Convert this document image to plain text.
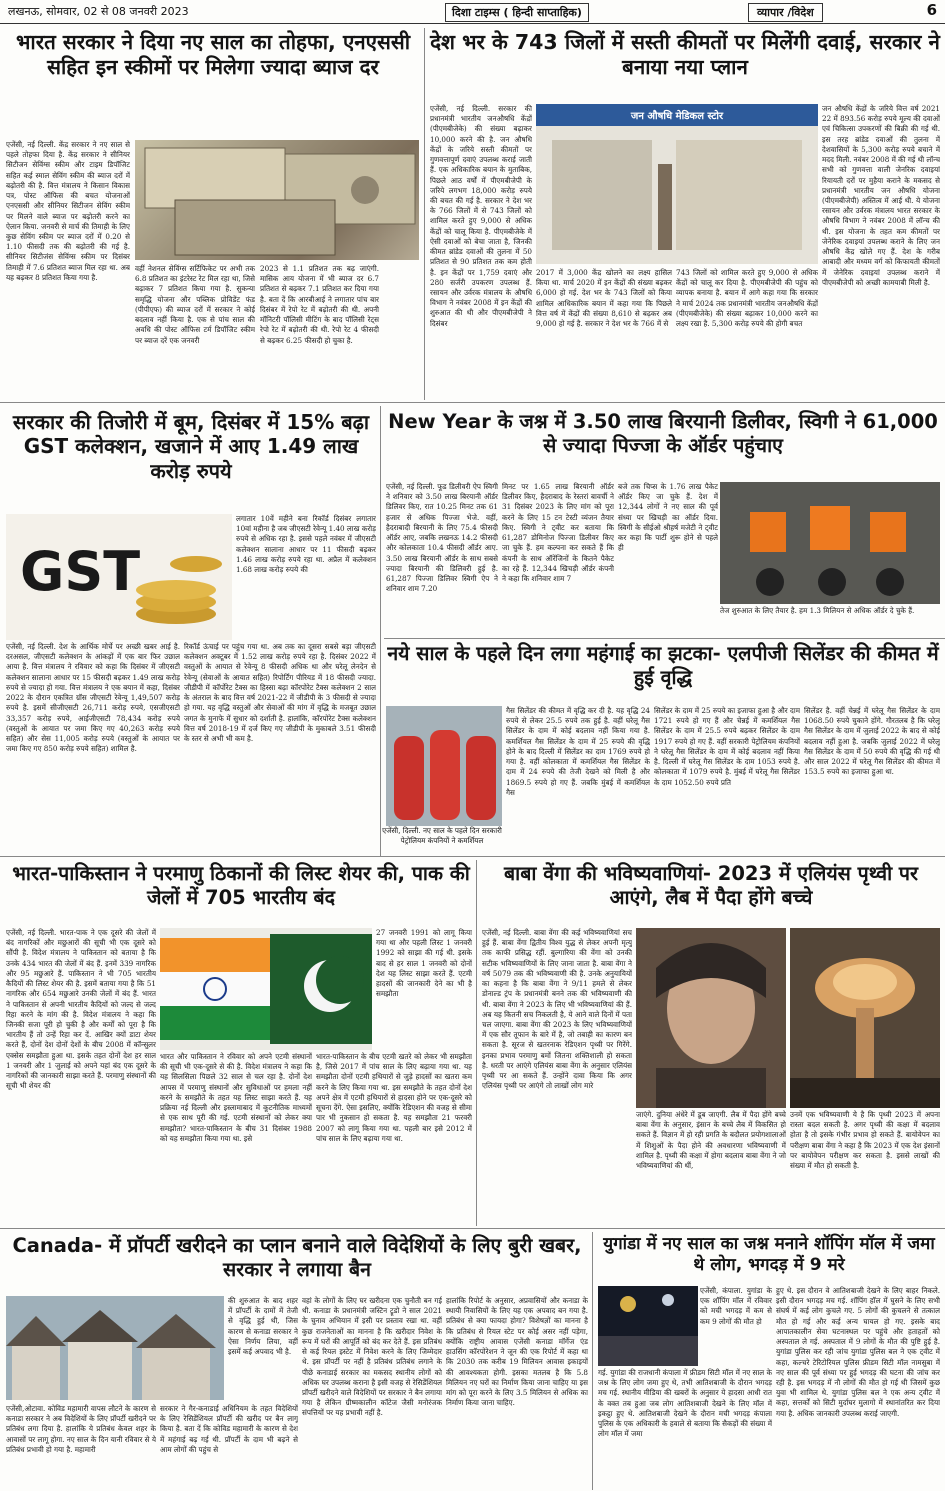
लखनऊ, सोमवार, 02 से 08 जनवरी 2023	दिशा टाइम्स ( हिन्दी साप्ताहिक)	व्यापार /विदेश	6
भारत सरकार ने दिया नए साल का तोहफा, एनएससी सहित इन स्कीमों पर मिलेगा ज्यादा ब्याज दर
एजेंसी, नई दिल्ली. केंद्र सरकार ने नए साल से पहले तोहफा दिया है. केंद्र सरकार ने सीनियर सिटीजन सेविंग्स स्कीम और टाइम डिपॉजिट सहित कई स्माल सेविंग स्कीम की ब्याज दरों में बढ़ोतरी की है. वित्त मंत्रालय ने किसान विकास पत्र, पोस्ट ऑफिस की बचत योजनाओं एनएससी और सीनियर सिटीजन सेविंग स्कीम पर मिलने वाले ब्याज पर बढ़ोतरी करने का ऐलान किया. जनवरी से मार्च की तिमाही के लिए कुछ सेविंग स्कीम पर ब्याज दरों में 0.20 से 1.10 फीसदी तक की बढ़ोतरी की गई है. सीनियर सिटीजंस सेविंग्स स्कीम पर दिसंबर तिमाही में 7.6 प्रतिशत ब्याज मिल रहा था. अब यह बढ़कर 8 प्रतिशत किया गया है.
वहीं नेशनल सेविंग्स सर्टिफिकेट पर अभी तक 6.8 प्रतिशत का इंटरेस्ट रेट मिल रहा था, जिसे बढ़ाकर 7 प्रतिशत किया गया है. सुकन्या समृद्धि योजना और पब्लिक प्रोविडेंट फंड (पीपीएफ) की ब्याज दरों में सरकार ने कोई बदलाव नहीं किया है. एक से पांच साल की अवधि की पोस्ट ऑफिस टर्म डिपॉजिट स्कीम पर ब्याज दरें एक जनवरी
2023 से 1.1 प्रतिशत तक बढ़ जाएंगी. मासिक आय योजना में भी ब्याज दर 6.7 प्रतिशत से बढ़कर 7.1 प्रतिशत कर दिया गया है. बता दें कि आरबीआई ने लगातार पांच बार दिसंबर में रेपो रेट में बढ़ोतरी की थी. अपनी मॉनिटरी पॉलिसी मीटिंग के बाद पॉलिसी रेट्स रेपो रेट में बढ़ोतरी की थी. रेपो रेट 4 फीसदी से बढ़कर 6.25 फीसदी हो चुका है.
देश भर के 743 जिलों में सस्ती कीमतों पर मिलेंगी दवाई, सरकार ने बनाया नया प्लान
एजेंसी, नई दिल्ली. सरकार की प्रधानमंत्री भारतीय जनऔषधि केंद्रों (पीएमबीजेके) की संख्या बढ़ाकर 10,000 करने की है. जन औषधि केंद्रों के जरिये सस्ती कीमतों पर गुणवत्तापूर्ण दवाएं उपलब्ध कराई जाती हैं. एक अधिकारिक बयान के मुताबिक, पिछले आठ वर्षों में पीएमबीजेपी के जरिये लगभग 18,000 करोड़ रुपये की बचत की गई है. सरकार ने देश भर के 766 जिलों में से 743 जिलों को शामिल करते हुए 9,000 से अधिक केंद्रों को चालू किया है. पीएमबीजेके में ऐसी दवाओं को बेचा जाता है, जिनकी कीमत ब्रांडेड दवाओं की तुलना में 50 प्रतिशत से 90 प्रतिशत तक कम होती है. इन केंद्रों पर 1,759 दवाएं और 280 सर्जरी उपकरण उपलब्ध हैं. रसायन और उर्वरक मंत्रालय के औषधि विभाग ने नवंबर 2008 में इन केंद्रों की शुरुआत की थी और पीएमबीजेपी ने दिसंबर
जन औषधि मेडिकल स्टोर
2017 में 3,000 केंद्र खोलने का लक्ष्य हासिल किया था. मार्च 2020 में इन केंद्रों की संख्या बढ़कर 6,000 हो गई. देश भर के 743 जिलों को किया शामिल आधिकारिक बयान में कहा गया कि पिछले वित्त वर्ष में केंद्रों की संख्या 8,610 से बढ़कर अब 9,000 हो गई है. सरकार ने देश भर के 766 में से
743 जिलों को शामिल करते हुए 9,000 से अधिक केंद्रों को चालू कर दिया है. पीएमबीजेपी की पहुंच को व्यापक बनाया है. बयान में आगे कहा गया कि सरकार ने मार्च 2024 तक प्रधानमंत्री भारतीय जनऔषधि केंद्रों (पीएमबीजेके) की संख्या बढ़ाकर 10,000 करने का लक्ष्य रखा है. 5,300 करोड़ रुपये की होगी बचत
जन औषधि केंद्रों के जरिये वित्त वर्ष 2021 22 में 893.56 करोड़ रुपये मूल्य की दवाओं एवं चिकित्सा उपकरणों की बिक्री की गई थी. इस तरह ब्रांडेड दवाओं की तुलना में देशवासियों के 5,300 करोड़ रुपये बचाने में मदद मिली. नवंबर 2008 में की गई थी लॉन्च सभी को गुणवत्ता वाली जेनरिक दवाइयां रियायती दरों पर मुहैया कराने के मकसद से प्रधानमंत्री भारतीय जन औषधि योजना (पीएमबीजेपी) अस्तित्व में आई थी. ये योजना रसायन और उर्वरक मंत्रालय भारत सरकार के औषधि विभाग ने नवंबर 2008 में लॉन्च की थी. इस योजना के तहत कम कीमतों पर जेनेरिक दवाइयां उपलब्ध कराने के लिए जन औषधि केंद्र खोले गए हैं. देश के गरीब आबादी और मध्यम वर्ग को किफायती कीमतों में जेनेरिक दवाइयां उपलब्ध कराने में पीएमबीजेपी को अच्छी कामयाबी मिली है.
सरकार की तिजोरी में बूम, दिसंबर में 15% बढ़ा GST कलेक्शन, खजाने में आए 1.49 लाख करोड़ रुपये
GST
लगातार 10वें महीने बना रिकॉर्ड दिसंबर लगातार 10वां महीना है जब जीएसटी रेवेन्यू 1.40 लाख करोड़ रुपये से अधिक रहा है. इससे पहले नवंबर में जीएसटी कलेक्शन सालाना आधार पर 11 फीसदी बढ़कर 1.46 लाख करोड़ रुपये रहा था. अप्रैल में कलेक्शन 1.68 लाख करोड़ रुपये की
एजेंसी, नई दिल्ली. देश के आर्थिक मोर्चे पर अच्छी खबर आई है. दरअसल, जीएसटी कलेक्शन के आंकड़ों में एक बार फिर उछाल आया है. वित्त मंत्रालय ने रविवार को कहा कि दिसंबर में जीएसटी कलेक्शन सालाना आधार पर 15 फीसदी बढ़कर 1.49 लाख करोड़ रुपये से ज्यादा हो गया. वित्त मंत्रालय ने एक बयान में कहा, दिसंबर 2022 के दौरान एकत्रित ग्रॉस जीएसटी रेवेन्यू 1,49,507 करोड़ रुपये है. इसमें सीजीएसटी 26,711 करोड़ रुपये, एसजीएसटी 33,357 करोड़ रुपये, आईजीएसटी 78,434 करोड़ रुपये (वस्तुओं के आयात पर जमा किए गए 40,263 करोड़ रुपये सहित) और सेस 11,005 करोड़ रुपये (वस्तुओं के आयात पर जमा किए गए 850 करोड़ रुपये सहित) शामिल है.
रिकॉर्ड ऊंचाई पर पहुंच गया था. अब तक का दूसरा सबसे बड़ा जीएसटी कलेक्शन अक्टूबर में 1.52 लाख करोड़ रुपये रहा है. दिसंबर 2022 में वस्तुओं के आयात से रेवेन्यू 8 फीसदी अधिक था और घरेलू लेनदेन से रेवेन्यू (सेवाओं के आयात सहित) रिपोर्टिंग पीरियड में 18 फीसदी ज्यादा. जीडीपी में कॉर्पोरेट टैक्स का हिस्सा बढ़ा कॉरपोरेट टैक्स कलेक्शन 2 साल के अंतराल के बाद वित्त वर्ष 2021-22 में जीडीपी के 3 फीसदी से ज्यादा हो गया. यह वृद्धि वस्तुओं और सेवाओं की मांग में वृद्धि के मजबूत उछाल जगत के मुनाफे में सुधार को दर्शाती है. हालांकि, कॉरपोरेट टैक्स कलेक्शन वित्त वर्ष 2018-19 में दर्ज किए गए जीडीपी के मुकाबले 3.51 फीसदी के स्तर से अभी भी कम है.
New Year के जश्न में 3.50 लाख बिरयानी डिलीवर, स्विगी ने 61,000 से ज्यादा पिज्जा के ऑर्डर पहुंचाए
एजेंसी, नई दिल्ली. फूड डिलीवरी ऐप स्विगी ने शनिवार को 3.50 लाख बिरयानी ऑर्डर डिलिवर किए, रात 10.25 मिनट तक 61 हजार से अधिक पिज्जा भेजे. वहीं, हैदराबादी बिरयानी के लिए 75.4 फीसदी ऑर्डर आए, जबकि लखनऊ 14.2 फीसदी और कोलकाता 10.4 फीसदी ऑर्डर आए. 3.50 लाख बिरयानी ऑर्डर के साथ सबसे ज्यादा बिरयानी की डिलिवरी हुई है. 61,287 पिज्जा डिलिवर स्विगी ऐप ने शनिवार शाम 7.20
मिनट पर 1.65 लाख बिरयानी ऑर्डर डिलीवर किए, हैदराबाद के रेस्तरां बावर्ची ने 31 दिसंबर 2023 के लिए मांग को पूरा करने के लिए 15 टन टेस्टी व्यंजन तैयार किए. स्विगी ने ट्वीट कर बताया कि 61,287 डोमिनोज पिज्जा डिलीवर किए जा चुके हैं. हम कल्पना कर सकते हैं कि कंपनी के साथ ऑरेंजिनों के कितने पैकेट का रहे हैं. 12,344 खिचड़ी ऑर्डर कंपनी ने कहा कि शनिवार शाम 7
बजे तक चिप्स के 1.76 लाख पैकेट ऑर्डर किए जा चुके हैं. देश में 12,344 लोगों ने नए साल की पूर्व संध्या पर खिचड़ी का ऑर्डर दिया. स्विगी के सीईओ श्रीहर्ष मजेटी ने ट्वीट कर कहा कि पार्टी शुरू होने से पहले ही
तेज शुरुआत के लिए तैयार है. हम 1.3 मिलियन से अधिक ऑर्डर दे चुके हैं.
नये साल के पहले दिन लगा महंगाई का झटका- एलपीजी सिलेंडर की कीमत में हुई वृद्धि
एजेंसी, दिल्ली. नए साल के पहले दिन सरकारी पेट्रोलियम कंपनियों ने कमर्शियल
गैस सिलेंडर की कीमत में वृद्धि कर दी है. यह वृद्धि 24 रुपये से लेकर 25.5 रुपये तक हुई है. वहीं घरेलू गैस सिलेंडर के दाम में कोई बदलाव नहीं किया गया है. कमर्शियल गैस सिलेंडर के दाम में 25 रुपये की वृद्धि होने के बाद दिल्ली में सिलेंडर का दाम 1769 रुपये हो गया है. वहीं कोलकाता में कमर्शियल गैस सिलेंडर के दाम में 24 रुपये की तेजी देखने को मिली है और 1869.5 रुपये हो गए हैं. जबकि मुंबई में कमर्शियल गैस
सिलेंडर के दाम में 25 रुपये का इजाफा हुआ है और दाम 1721 रुपये हो गए हैं और चेन्नई में कमर्शियल गैस सिलेंडर के दाम में 25.5 रुपये बढ़कर सिलेंडर के दाम 1917 रुपये हो गए हैं. वहीं सरकारी पेट्रोलियम कंपनियों ने घरेलू गैस सिलेंडर के दाम में कोई बदलाव नहीं किया है. दिल्ली में घरेलू गैस सिलेंडर के दाम 1053 रुपये है. कोलकाता में 1079 रुपये है. मुंबई में घरेलू गैस सिलेंडर के दाम 1052.50 रुपये प्रति
सिलेंडर है. वहीं चेन्नई में घरेलू गैस सिलेंडर के दाम 1068.50 रुपये चुकाने होंगे. गौरतलब है कि घरेलू गैस सिलेंडर के दाम में जुलाई 2022 के बाद से कोई बदलाव नहीं हुआ है. जबकि जुलाई 2022 में घरेलू गैस सिलेंडर के दाम में 50 रुपये की वृद्धि की गई थी और साल 2022 में घरेलू गैस सिलेंडर की कीमत में 153.5 रुपये का इजाफा हुआ था.
भारत-पाकिस्तान ने परमाणु ठिकानों की लिस्ट शेयर की, पाक की जेलों में 705 भारतीय बंद
एजेंसी, नई दिल्ली. भारत-पाक ने एक दूसरे की जेलों में बंद नागरिकों और मछुआरों की सूची भी एक दूसरे को सौंपी है. विदेश मंत्रालय ने पाकिस्तान को बताया है कि उनके 434 भारत की जेलों में बंद हैं. इनमें 339 नागरिक और 95 मछुआरे हैं. पाकिस्तान ने भी 705 भारतीय कैदियों की लिस्ट शेयर की है. इसमें बताया गया है कि 51 नागरिक और 654 मछुआरे उनकी जेलों में बंद हैं. भारत ने पाकिस्तान से अपनी भारतीय कैदियों को जल्द से जल्द रिहा करने के मांग की है. विदेश मंत्रालय ने कहा कि जिनकी सजा पूरी हो चुकी है और कर्मों को पूरा है कि भारतीय हैं तो उन्हें रिहा कर दें. आखिर क्यों डाटा शेयर करते हैं, दोनों देश दोनों देशों के बीच 2008 में कॉन्सुलर एक्सेस समझौता हुआ था. इसके तहत दोनों देश हर साल 1 जनवरी और 1 जुलाई को अपने यहां बंद एक दूसरे के नागरिकों की जानकारी साझा करते हैं. परमाणु संस्थानों की सूची भी शेयर की
27 जनवरी 1991 को लागू किया गया था और पहली लिस्ट 1 जनवरी 1992 को साझा की गई थी. इसके बाद से हर साल 1 जनवरी को दोनों देश यह लिस्ट साझा करते हैं. एटमी हादसों की जानकारी देने का भी है समझौता
भारत और पाकिस्तान ने रविवार को अपने एटमी संस्थानों की सूची भी एक-दूसरे से की है. विदेश मंत्रालय ने कहा कि यह सिलसिला पिछले 32 साल से चल रहा है. दोनों देश आपस में परमाणु संस्थानों और सुविधाओं पर हमला नहीं करने के समझौते के तहत यह लिस्ट साझा करते हैं. यह प्रक्रिया नई दिल्ली और इस्लामाबाद में कूटनीतिक माध्यमों से एक साथ पूरी की गई. एटमी संस्थानों को लेकर क्या समझौता? भारत-पाकिस्तान के बीच 31 दिसंबर 1988 को यह समझौता किया गया था. इसे
भारत-पाकिस्तान के बीच एटमी खतरे को लेकर भी समझौता है, जिसे 2017 में पांच साल के लिए बढ़ाया गया था. यह समझौता दोनों एटमी हथियारों से जुड़े हादसों का खतरा कम करने के लिए किया गया था. इस समझौते के तहत दोनों देश अपने क्षेत्र में एटमी हथियारों से हादसा होने पर एक-दूसरे को सूचना देंगे. ऐसा इसलिए, क्योंकि रेडिएशन की वजह से सीमा पार भी नुकसान हो सकता है. यह समझौता 21 फरवरी 2007 को लागू किया गया था. पहली बार इसे 2012 में पांच साल के लिए बढ़ाया गया था.
बाबा वेंगा की भविष्यवाणियां- 2023 में एलियंस पृथ्वी पर आएंगे, लैब में पैदा होंगे बच्चे
एजेंसी, नई दिल्ली. बाबा वेंगा की कई भविष्यवाणियां सच हुई हैं. बाबा वेंगा द्वितीय विश्व युद्ध से लेकर अपनी मृत्यु तक काफी प्रसिद्ध रहीं. बुल्गारिया की वेंगा को उनकी सटीक भविष्यवाणियों के लिए जाना जाता है. बाबा वेंगा ने वर्ष 5079 तक की भविष्यवाणी की है. उनके अनुयायियों का कहना है कि बाबा वेंगा ने 9/11 हमले से लेकर डोनाल्ड ट्रंप के प्रधानमंत्री बनने तक की भविष्यवाणी की थी. बाबा वेंगा ने 2023 के लिए भी भविष्यवाणियां की हैं. अब यह कितनी सच निकलती है, ये आने वाले दिनों में पता चल जाएगा. बाबा वेंगा की 2023 के लिए भविष्यवाणियों में एक सौर तूफान के बारे में है, जो तबाही का कारण बन सकता है. सूरज से खतरनाक रेडिएशन पृथ्वी पर गिरेंगे. इनका प्रभाव परमाणु बमों जितना शक्तिशाली हो सकता है. धरती पर आएंगे एलियंस बाबा वेंगा के अनुसार एलियंस पृथ्वी पर आ सकते हैं. उन्होंने दावा किया कि अगर एलियंस पृथ्वी पर आएंगे तो लाखों लोग मारे
जाएंगे. दुनिया अंधेरे में डूब जाएगी. लैब में पैदा होंगे बच्चे बाबा वेंगा के अनुसार, इंसान के बच्चे लैब में विकसित हो सकते हैं. विज्ञान में हो रही प्रगति के बदौलत प्रयोगशालाओं में शिशुओं के पैदा होने की अवधारणा भविष्यवाणी में शामिल है. पृथ्वी की कक्षा में होगा बदलाव बाबा वेंगा ने जो भविष्यवाणियां की थीं,
उनमें एक भविष्यवाणी ये है कि पृथ्वी 2023 में अपना रास्ता बदल सकती है. अगर पृथ्वी की कक्षा में बदलाव होता है तो इसके गंभीर प्रभाव हो सकते हैं. बायोवेपन का परीक्षण बाबा वेंगा ने कहा है कि 2023 में एक देश इंसानों पर बायोवेपन परीक्षण कर सकता है. इससे लाखों की संख्या में मौत हो सकती है.
Canada- में प्रॉपर्टी खरीदने का प्लान बनाने वाले विदेशियों के लिए बुरी खबर, सरकार ने लगाया बैन
की शुरुआत के बाद शहर में प्रॉपर्टी के दामों में तेजी से वृद्धि हुई थी, जिस कारण से कनाडा सरकार ने ऐसा निर्णय लिया, वहीं इसमें कई अपवाद भी है.
एजेंसी,ओटावा. कोविड महामारी वापस लौटने के कारण से कनाडा सरकार ने अब विदेशियों के लिए प्रॉपर्टी खरीदने पर प्रतिबंध लगा दिया है. हालांकि ये प्रतिबंध केवल शहर के आवासों पर लागू होगा. नए साल के दिन यानी रविवार से ये प्रतिबंध प्रभावी हो गया है. महामारी
सरकार ने गैर-कनाडाई अधिनियम के तहत विदेशियों के लिए रेसिडेंशियल प्रॉपर्टी की खरीद पर बैन लागू किया है. बता दें कि कोविड महामारी के कारण से देश में महंगाई बढ़ गई थी. प्रॉपर्टी के दाम भी बढ़ने से आम लोगों की पहुंच से
वहां के लोगों के लिए घर खरीदना एक चुनौती बन गई थी. कनाडा के प्रधानमंत्री जस्टिन ट्रूडो ने साल 2021 के चुनाव अभियान में इसी पर प्रस्ताव रखा था. वहीं कुछ राजनेताओं का मानना है कि खरीदार निवेश के रूप में घरों की आपूर्ति को बंद कर देते हैं. इस प्रतिबंध से कई रियल इस्टेट में निवेश करने के लिए जिम्मेदार थे. इस प्रॉपर्टी पर नहीं है प्रतिबंध प्रतिबंध लगाने के पीछे कनाडाई सरकार का मकसद स्थानीय लोगों को अधिक घर उपलब्ध कराना है इसी वजह से रेसिडेंशियल प्रॉपर्टी खरीदने वाले विदेशियों पर सरकार ने बैन लगाया गया है लेकिन ग्रीष्मकालीन कॉटेज जैसी मनोरंजक संपत्तियों पर यह प्रभावी नहीं है.
हालांकि रिपोर्ट के अनुसार, अप्रवासियों और कनाडा के स्थायी निवासियों के लिए यह एक अपवाद बन गया है. प्रतिबंध से क्या फायदा होगा? विशेषज्ञों का मानना है कि प्रतिबंध से रियल स्टेट पर कोई असर नहीं पड़ेगा, क्योंकि राष्ट्रीय आवास एजेंसी कनाडा मॉर्गेज एंड हाउसिंग कॉरपोरेशन ने जून की एक रिपोर्ट में कहा था कि 2030 तक करीब 19 मिलियन आवास इकाइयों की आवश्यकता होगी. इसका मतलब है कि 5.8 मिलियन नए घरों का निर्माण किया जाना चाहिए या इस मांग को पूरा करने के लिए 3.5 मिलियन से अधिक का निर्माण किया जाना चाहिए.
युगांडा में नए साल का जश्न मनाने शॉपिंग मॉल में जमा थे लोग, भगदड़ में 9 मरे
एजेंसी, कंपाला. युगांडा के एक शॉपिंग मॉल में रविवार को मची भगदड़ में कम से कम 9 लोगों की मौत हो
गई. युगांडा की राजधानी कंपाला में फ्रीडम सिटी मॉल में नए साल के जश्न के लिए लोग जमा हुए थे, तभी आतिशबाजी के दौरान भगदड़ मच गई. स्थानीय मीडिया की खबरों के अनुसार ये हादसा आधी रात के वक्त तब हुआ जब लोग आतिशबाजी देखने के लिए मॉल में इकट्ठा हुए थे. आतिशबाजी देखने के दौरान मची भगदड़ कंपाला पुलिस के एक अधिकारी के हवाले से बताया कि सैकड़ों की संख्या में लोग मॉल में जमा
हुए थे. इस दौरान वे आतिशबाजी देखने के लिए बाहर निकले. इसी दौरान भगदड़ मच गई. शॉपिंग हॉल में घुसने के लिए सभी संघर्ष में कई लोग कुचले गए. 5 लोगों की कुचलने से तत्काल मौत हो गई और कई अन्य घायल हो गए. इसके बाद आपातकालीन सेवा घटनास्थल पर पहुंचे और हताहतों को अस्पताल ले गई. अस्पताल में 9 लोगों के मौत की पुष्टि हुई है. युगांडा पुलिस कर रही जांच युगांडा पुलिस बल ने एक ट्वीट में कहा, कल्चरे टेरिटोरियल पुलिस फ्रीडम सिटी मॉल नामसुबा में नए साल की पूर्व संध्या पर हुई भगदड़ की घटना की जांच कर रही है. इस भगदड़ में नौ लोगों की मौत हो गई थी जिसमें कुछ युवा भी शामिल थे. युगांडा पुलिस बल ने एक अन्य ट्वीट में कहा, सत्तर्कों को सिटी मुर्दाघर मुलागो में स्थानांतरित कर दिया गया है. अधिक जानकारी उपलब्ध कराई जाएगी.
